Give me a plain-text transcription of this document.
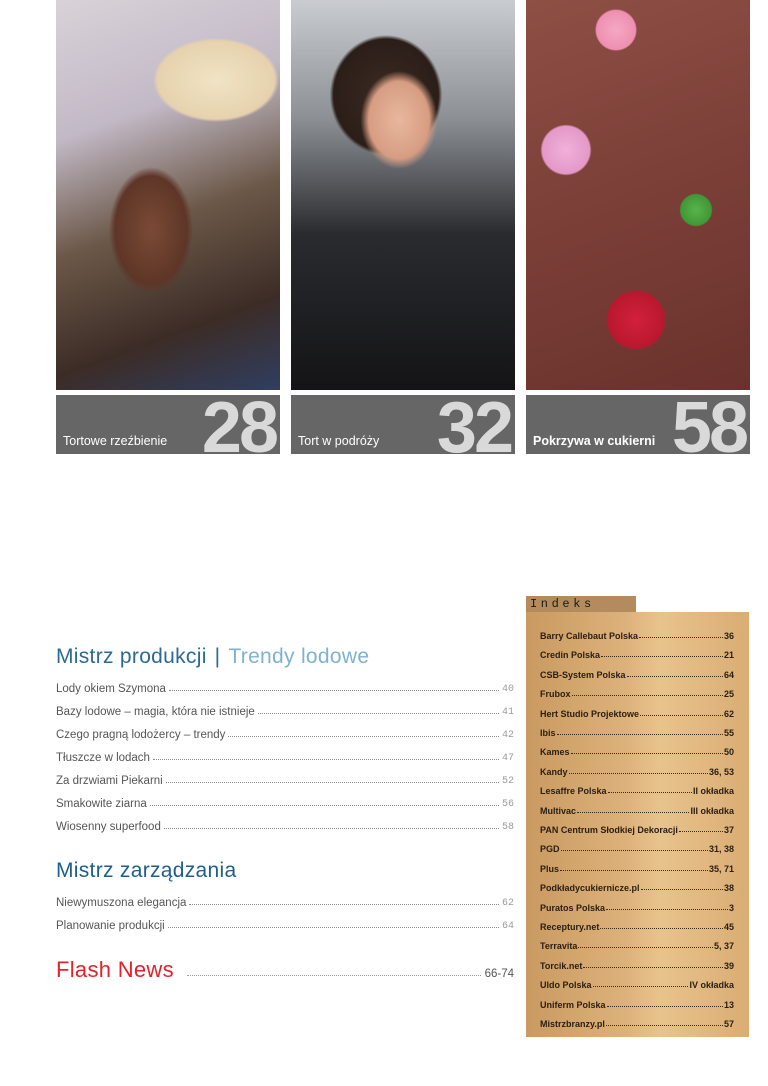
Tortowe rzeźbienie 28 Tort w podróży 32 Pokrzywa w cukierni 58
Mistrz produkcji | Trendy lodowe
Lody okiem Szymona	40
Bazy lodowe – magia, która nie istnieje	41
Czego pragną lodożercy – trendy	42
Tłuszcze w lodach	47
Za drzwiami Piekarni	52
Smakowite ziarna	56
Wiosenny superfood	58
Mistrz zarządzania
Niewymuszona elegancja	62
Planowanie produkcji	64
Flash News	66-74
Indeks
Barry Callebaut Polska	36
Credin Polska	21
CSB-System Polska	64
Frubox	25
Hert Studio Projektowe	62
Ibis	55
Kames	50
Kandy	36, 53
Lesaffre Polska	II okładka
Multivac	III okładka
PAN Centrum Słodkiej Dekoracji	37
PGD	31, 38
Plus	35, 71
Podkładycukiernicze.pl	38
Puratos Polska	3
Receptury.net	45
Terravita	5, 37
Torcik.net	39
Uldo Polska	IV okładka
Uniferm Polska	13
Mistrzbranzy.pl	57
